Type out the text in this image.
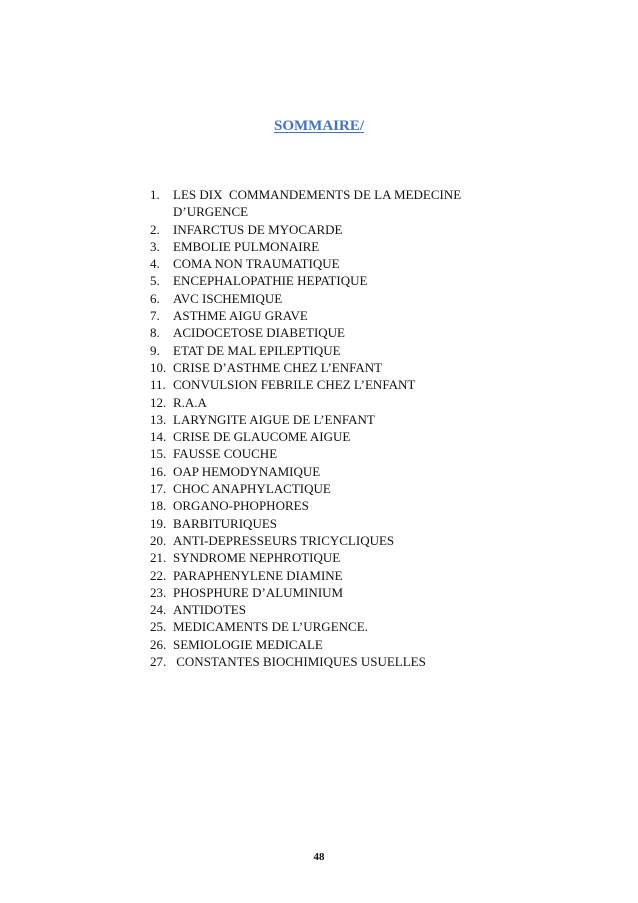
SOMMAIRE/
1.	LES DIX  COMMANDEMENTS DE LA MEDECINE
D’URGENCE
2.	INFARCTUS DE MYOCARDE
3.	EMBOLIE PULMONAIRE
4.	COMA NON TRAUMATIQUE
5.	ENCEPHALOPATHIE HEPATIQUE
6.	AVC ISCHEMIQUE
7.	ASTHME AIGU GRAVE
8.	ACIDOCETOSE DIABETIQUE
9.	ETAT DE MAL EPILEPTIQUE
10. CRISE D’ASTHME CHEZ L’ENFANT
11. CONVULSION FEBRILE CHEZ L’ENFANT
12. R.A.A
13. LARYNGITE AIGUE DE L’ENFANT
14. CRISE DE GLAUCOME AIGUE
15. FAUSSE COUCHE
16. OAP HEMODYNAMIQUE
17. CHOC ANAPHYLACTIQUE
18. ORGANO-PHOPHORES
19. BARBITURIQUES
20. ANTI-DEPRESSEURS TRICYCLIQUES
21. SYNDROME NEPHROTIQUE
22. PARAPHENYLENE DIAMINE
23. PHOSPHURE D’ALUMINIUM
24. ANTIDOTES
25. MEDICAMENTS DE L’URGENCE.
26. SEMIOLOGIE MEDICALE
27. CONSTANTES BIOCHIMIQUES USUELLES
48
